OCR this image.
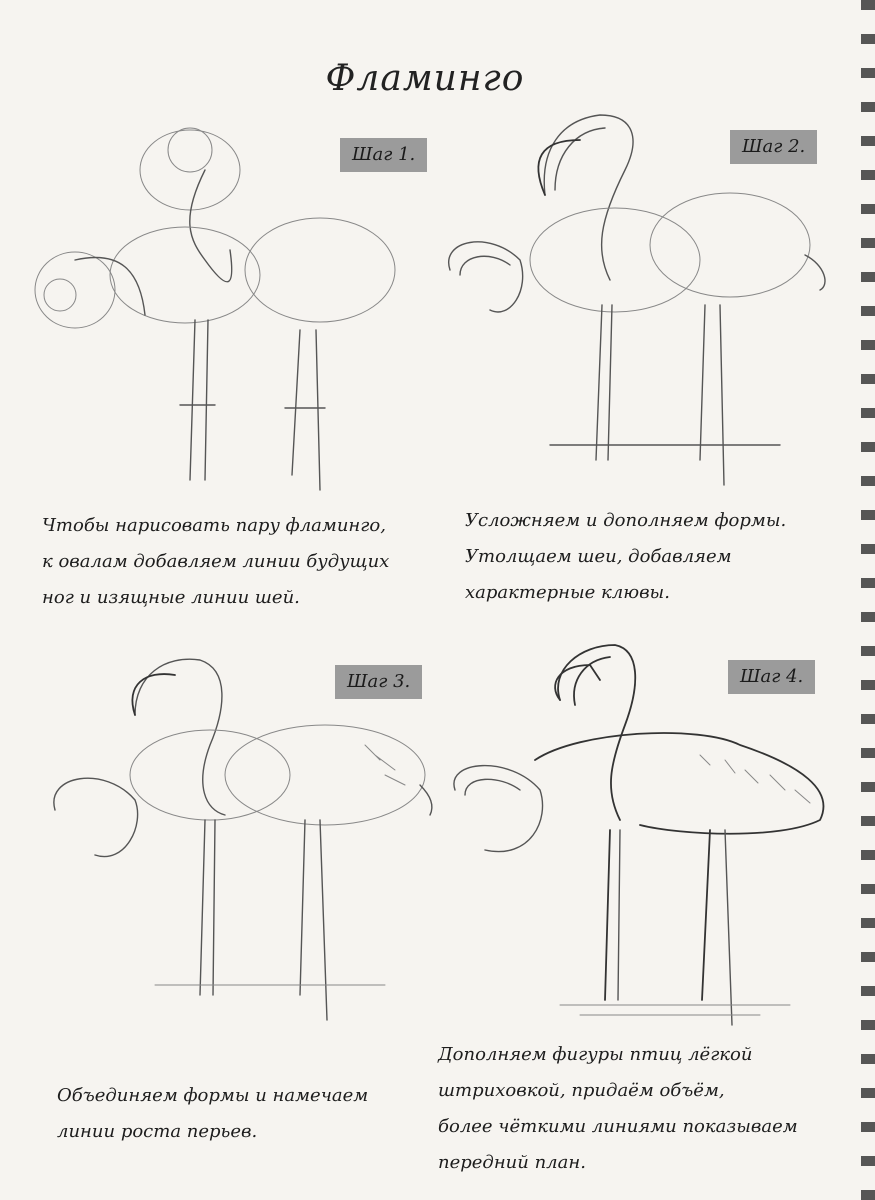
Фламинго
Шаг 1.
Чтобы нарисовать пару фламинго,
к овалам добавляем линии будущих
ног и изящные линии шей.
Шаг 2.
Усложняем и дополняем формы.
Утолщаем шеи, добавляем
характерные клювы.
Шаг 3.
Объединяем формы и намечаем
линии роста перьев.
Шаг 4.
Дополняем фигуры птиц лёгкой
штриховкой, придаём объём,
более чёткими линиями показываем
передний план.
